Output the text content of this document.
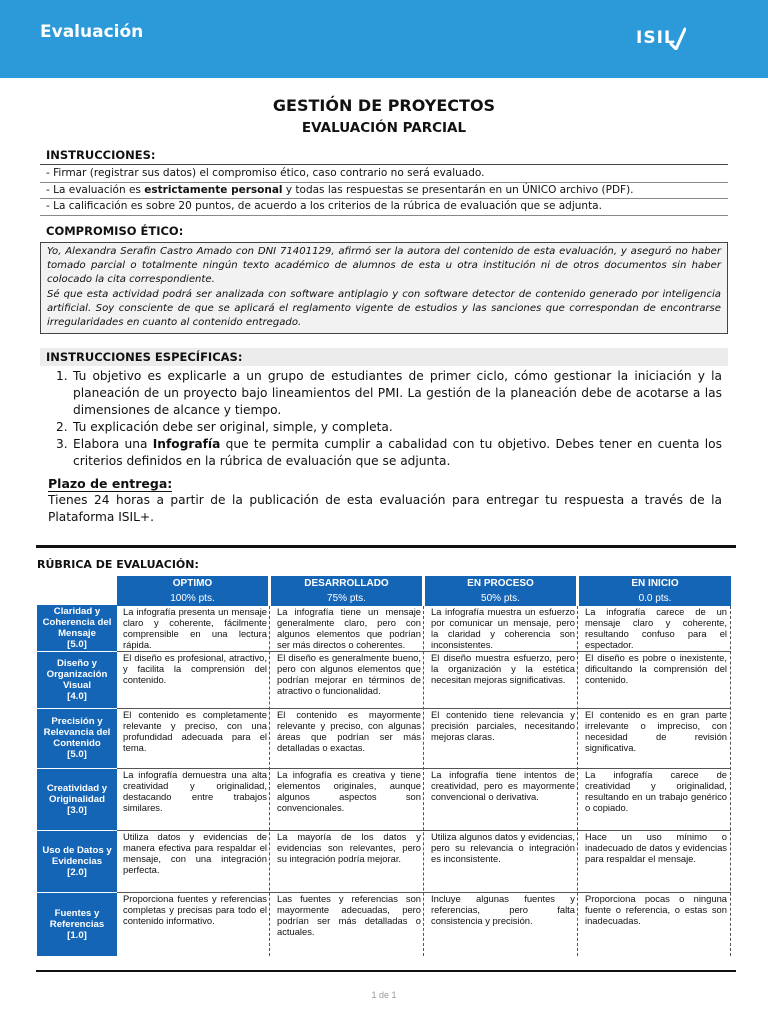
Evaluación	ISIL
GESTIÓN DE PROYECTOS
EVALUACIÓN PARCIAL
INSTRUCCIONES:
- Firmar (registrar sus datos) el compromiso ético, caso contrario no será evaluado.
- La evaluación es estrictamente personal y todas las respuestas se presentarán en un ÚNICO archivo (PDF).
- La calificación es sobre 20 puntos, de acuerdo a los criterios de la rúbrica de evaluación que se adjunta.
COMPROMISO ÉTICO:
Yo, Alexandra Serafin Castro Amado con DNI 71401129, afirmó ser la autora del contenido de esta evaluación, y aseguró no haber tomado parcial o totalmente ningún texto académico de alumnos de esta u otra institución ni de otros documentos sin haber colocado la cita correspondiente.
Sé que esta actividad podrá ser analizada con software antiplagio y con software detector de contenido generado por inteligencia artificial. Soy consciente de que se aplicará el reglamento vigente de estudios y las sanciones que correspondan de encontrarse irregularidades en cuanto al contenido entregado.
INSTRUCCIONES ESPECÍFICAS:
1. Tu objetivo es explicarle a un grupo de estudiantes de primer ciclo, cómo gestionar la iniciación y la planeación de un proyecto bajo lineamientos del PMI. La gestión de la planeación debe de acotarse a las dimensiones de alcance y tiempo.
2. Tu explicación debe ser original, simple, y completa.
3. Elabora una Infografía que te permita cumplir a cabalidad con tu objetivo. Debes tener en cuenta los criterios definidos en la rúbrica de evaluación que se adjunta.
Plazo de entrega:
Tienes 24 horas a partir de la publicación de esta evaluación para entregar tu respuesta a través de la Plataforma ISIL+.
RÚBRICA DE EVALUACIÓN:
OPTIMO
100% pts.
DESARROLLADO
75% pts.
EN PROCESO
50% pts.
EN INICIO
0.0 pts.
Claridad y Coherencia del Mensaje
[5.0]
La infografía presenta un mensaje claro y coherente, fácilmente comprensible en una lectura rápida.
La infografía tiene un mensaje generalmente claro, pero con algunos elementos que podrían ser más directos o coherentes.
La infografía muestra un esfuerzo por comunicar un mensaje, pero la claridad y coherencia son inconsistentes.
La infografía carece de un mensaje claro y coherente, resultando confuso para el espectador.
Diseño y Organización Visual
[4.0]
El diseño es profesional, atractivo, y facilita la comprensión del contenido.
El diseño es generalmente bueno, pero con algunos elementos que podrían mejorar en términos de atractivo o funcionalidad.
El diseño muestra esfuerzo, pero la organización y la estética necesitan mejoras significativas.
El diseño es pobre o inexistente, dificultando la comprensión del contenido.
Precisión y Relevancia del Contenido
[5.0]
El contenido es completamente relevante y preciso, con una profundidad adecuada para el tema.
El contenido es mayormente relevante y preciso, con algunas áreas que podrían ser más detalladas o exactas.
El contenido tiene relevancia y precisión parciales, necesitando mejoras claras.
El contenido es en gran parte irrelevante o impreciso, con necesidad de revisión significativa.
Creatividad y Originalidad
[3.0]
La infografía demuestra una alta creatividad y originalidad, destacando entre trabajos similares.
La infografía es creativa y tiene elementos originales, aunque algunos aspectos son convencionales.
La infografía tiene intentos de creatividad, pero es mayormente convencional o derivativa.
La infografía carece de creatividad y originalidad, resultando en un trabajo genérico o copiado.
Uso de Datos y Evidencias
[2.0]
Utiliza datos y evidencias de manera efectiva para respaldar el mensaje, con una integración perfecta.
La mayoría de los datos y evidencias son relevantes, pero su integración podría mejorar.
Utiliza algunos datos y evidencias, pero su relevancia o integración es inconsistente.
Hace un uso mínimo o inadecuado de datos y evidencias para respaldar el mensaje.
Fuentes y Referencias
[1.0]
Proporciona fuentes y referencias completas y precisas para todo el contenido informativo.
Las fuentes y referencias son mayormente adecuadas, pero podrían ser más detalladas o actuales.
Incluye algunas fuentes y referencias, pero falta consistencia y precisión.
Proporciona pocas o ninguna fuente o referencia, o estas son inadecuadas.
1 de 1
